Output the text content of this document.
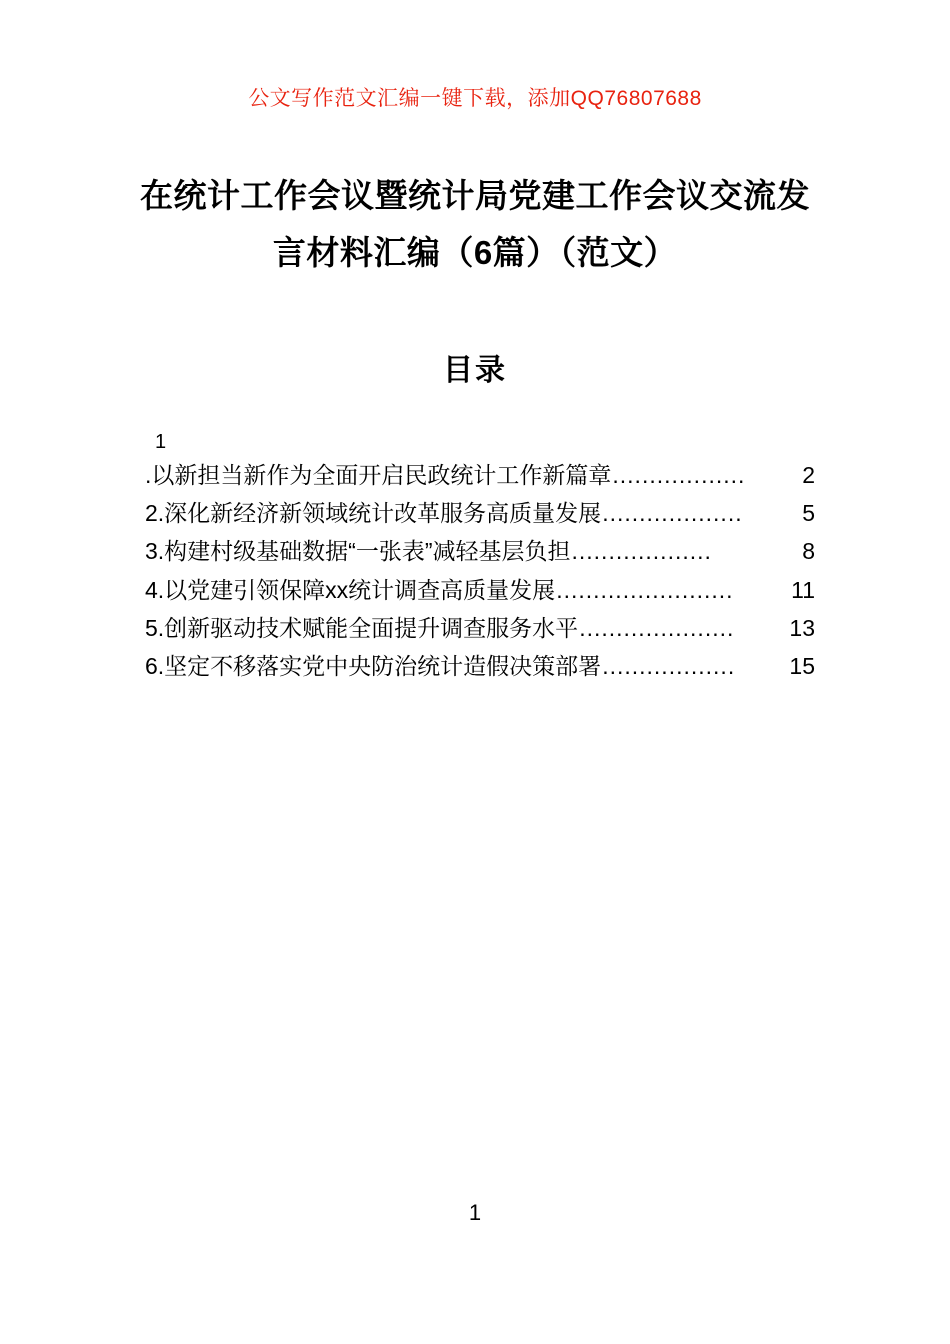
公文写作范文汇编一键下载，添加QQ76807688
在统计工作会议暨统计局党建工作会议交流发言材料汇编（6篇）（范文）
目录
1
.以新担当新作为全面开启民政统计工作新篇章 ..................	2
2.深化新经济新领域统计改革服务高质量发展 ...................	5
3.构建村级基础数据“一张表”减轻基层负担 ...................	8
4.以党建引领保障xx统计调查高质量发展 ........................	11
5.创新驱动技术赋能全面提升调查服务水平 .....................	13
6.坚定不移落实党中央防治统计造假决策部署 ..................	15
1
